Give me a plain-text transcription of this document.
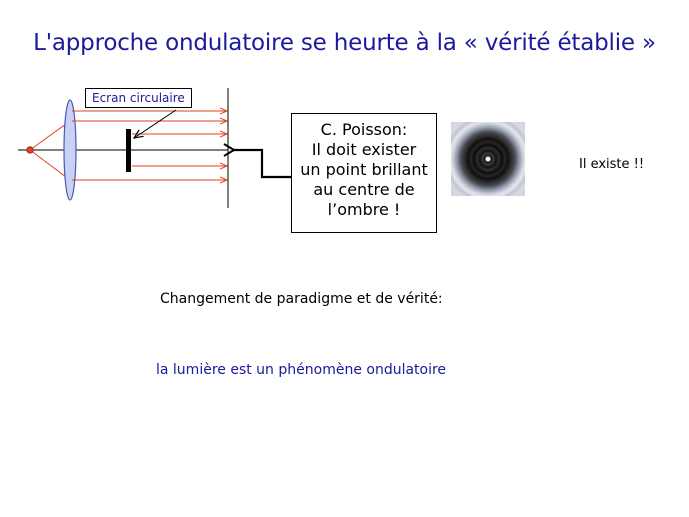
L'approche ondulatoire se heurte à la « vérité établie »
Ecran circulaire
C. Poisson:
Il doit exister
un point brillant
au centre de
l’ombre !
Il existe !!
Changement de paradigme et de vérité:
la lumière est un phénomène ondulatoire
